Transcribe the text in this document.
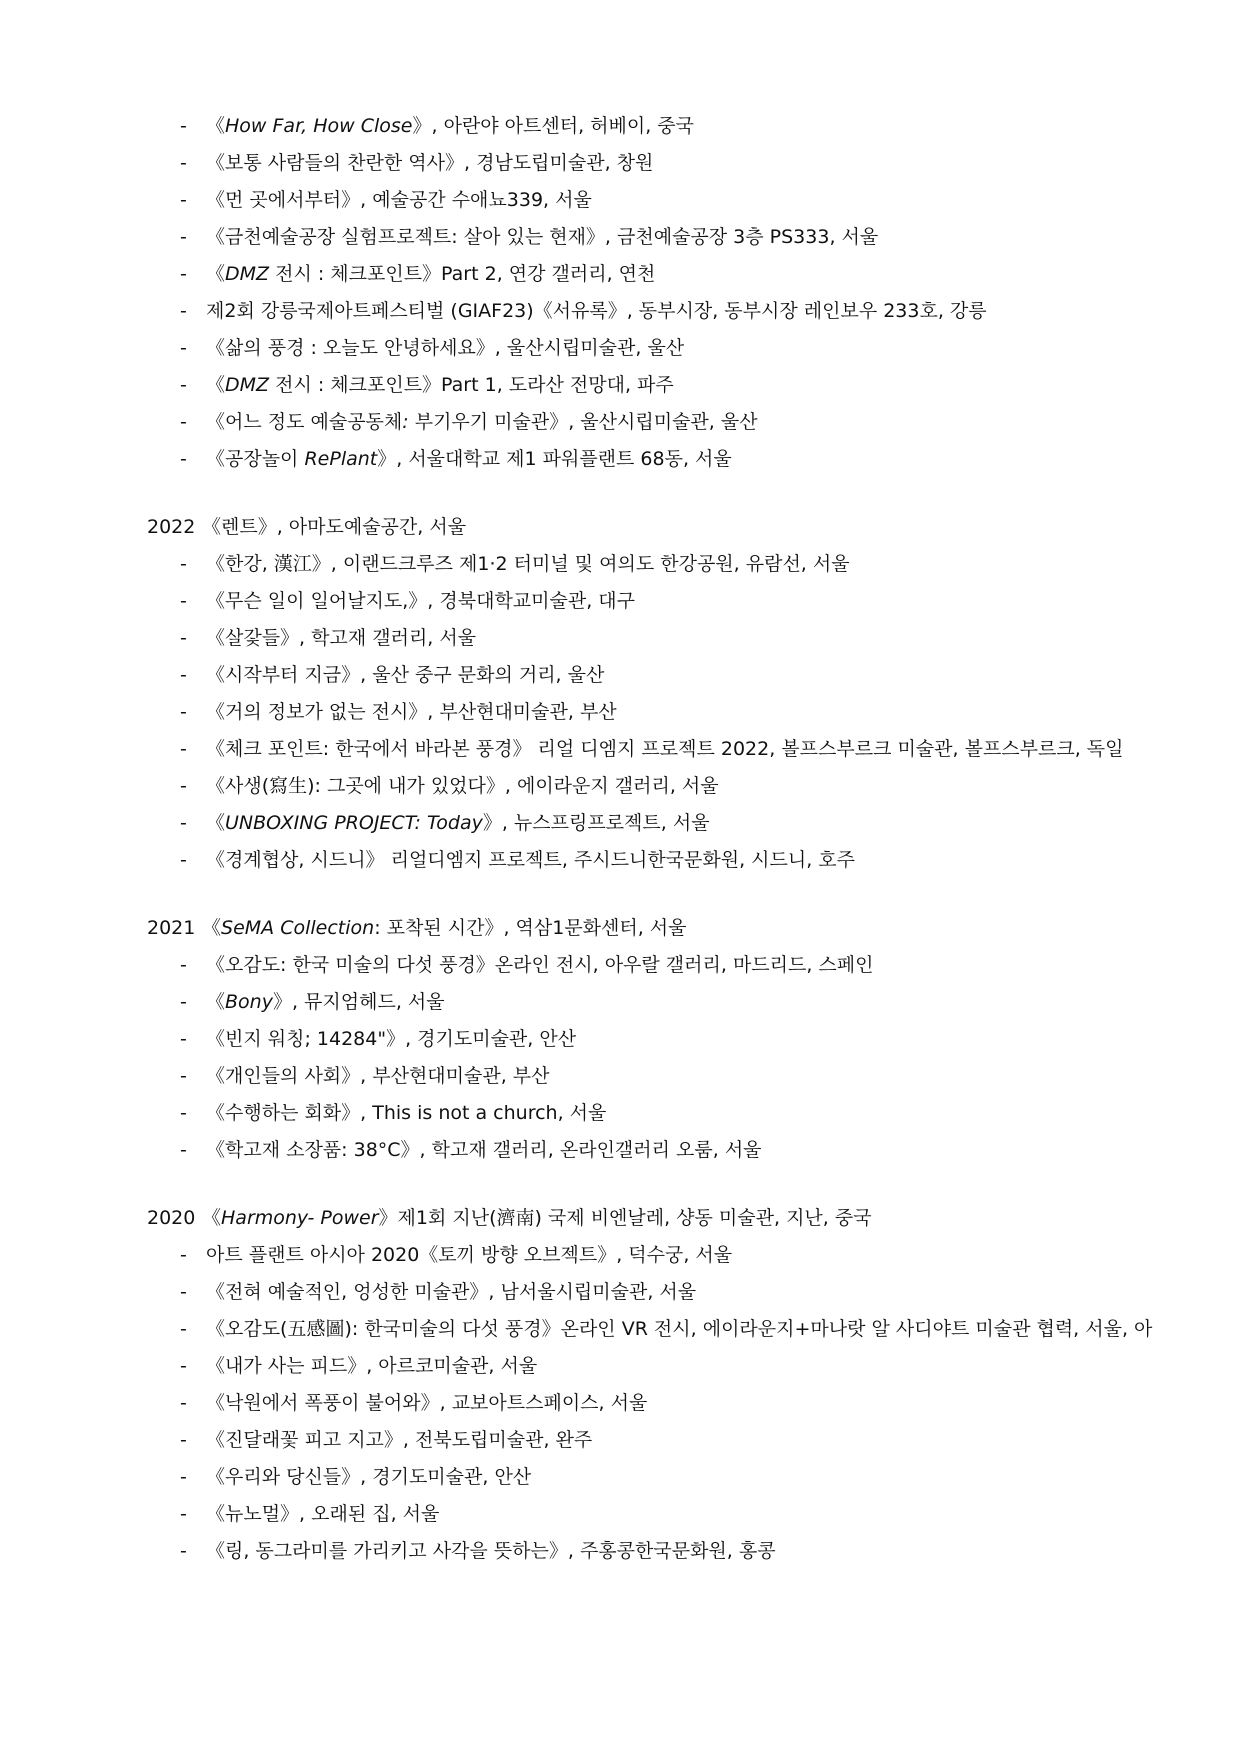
- 《How Far, How Close》, 아란야 아트센터, 허베이, 중국
- 《보통 사람들의 찬란한 역사》, 경남도립미술관, 창원
- 《먼 곳에서부터》, 예술공간 수애뇨339, 서울
- 《금천예술공장 실험프로젝트: 살아 있는 현재》, 금천예술공장 3층 PS333, 서울
- 《DMZ 전시 : 체크포인트》Part 2, 연강 갤러리, 연천
- 제2회 강릉국제아트페스티벌 (GIAF23)《서유록》, 동부시장, 동부시장 레인보우 233호, 강릉
- 《삶의 풍경 : 오늘도 안녕하세요》, 울산시립미술관, 울산
- 《DMZ 전시 : 체크포인트》Part 1, 도라산 전망대, 파주
- 《어느 정도 예술공동체: 부기우기 미술관》, 울산시립미술관, 울산
- 《공장놀이 RePlant》, 서울대학교 제1 파워플랜트 68동, 서울
2022 《렌트》, 아마도예술공간, 서울
- 《한강, 漢江》, 이랜드크루즈 제1·2 터미널 및 여의도 한강공원, 유람선, 서울
- 《무슨 일이 일어날지도,》, 경북대학교미술관, 대구
- 《살갗들》, 학고재 갤러리, 서울
- 《시작부터 지금》, 울산 중구 문화의 거리, 울산
- 《거의 정보가 없는 전시》, 부산현대미술관, 부산
- 《체크 포인트: 한국에서 바라본 풍경》 리얼 디엠지 프로젝트 2022, 볼프스부르크 미술관, 볼프스부르크, 독일
- 《사생(寫生): 그곳에 내가 있었다》, 에이라운지 갤러리, 서울
- 《UNBOXING PROJECT: Today》, 뉴스프링프로젝트, 서울
- 《경계협상, 시드니》 리얼디엠지 프로젝트, 주시드니한국문화원, 시드니, 호주
2021 《SeMA Collection: 포착된 시간》, 역삼1문화센터, 서울
- 《오감도: 한국 미술의 다섯 풍경》온라인 전시, 아우랄 갤러리, 마드리드, 스페인
- 《Bony》, 뮤지엄헤드, 서울
- 《빈지 워칭; 14284"》, 경기도미술관, 안산
- 《개인들의 사회》, 부산현대미술관, 부산
- 《수행하는 회화》, This is not a church, 서울
- 《학고재 소장품: 38°C》, 학고재 갤러리, 온라인갤러리 오룸, 서울
2020 《Harmony- Power》제1회 지난(濟南) 국제 비엔날레, 샹동 미술관, 지난, 중국
- 아트 플랜트 아시아 2020《토끼 방향 오브젝트》, 덕수궁, 서울
- 《전혀 예술적인, 엉성한 미술관》, 남서울시립미술관, 서울
- 《오감도(五感圖): 한국미술의 다섯 풍경》온라인 VR 전시, 에이라운지+마나랏 알 사디야트 미술관 협력, 서울, 아
- 《내가 사는 피드》, 아르코미술관, 서울
- 《낙원에서 폭풍이 불어와》, 교보아트스페이스, 서울
- 《진달래꽃 피고 지고》, 전북도립미술관, 완주
- 《우리와 당신들》, 경기도미술관, 안산
- 《뉴노멀》, 오래된 집, 서울
- 《링, 동그라미를 가리키고 사각을 뜻하는》, 주홍콩한국문화원, 홍콩
